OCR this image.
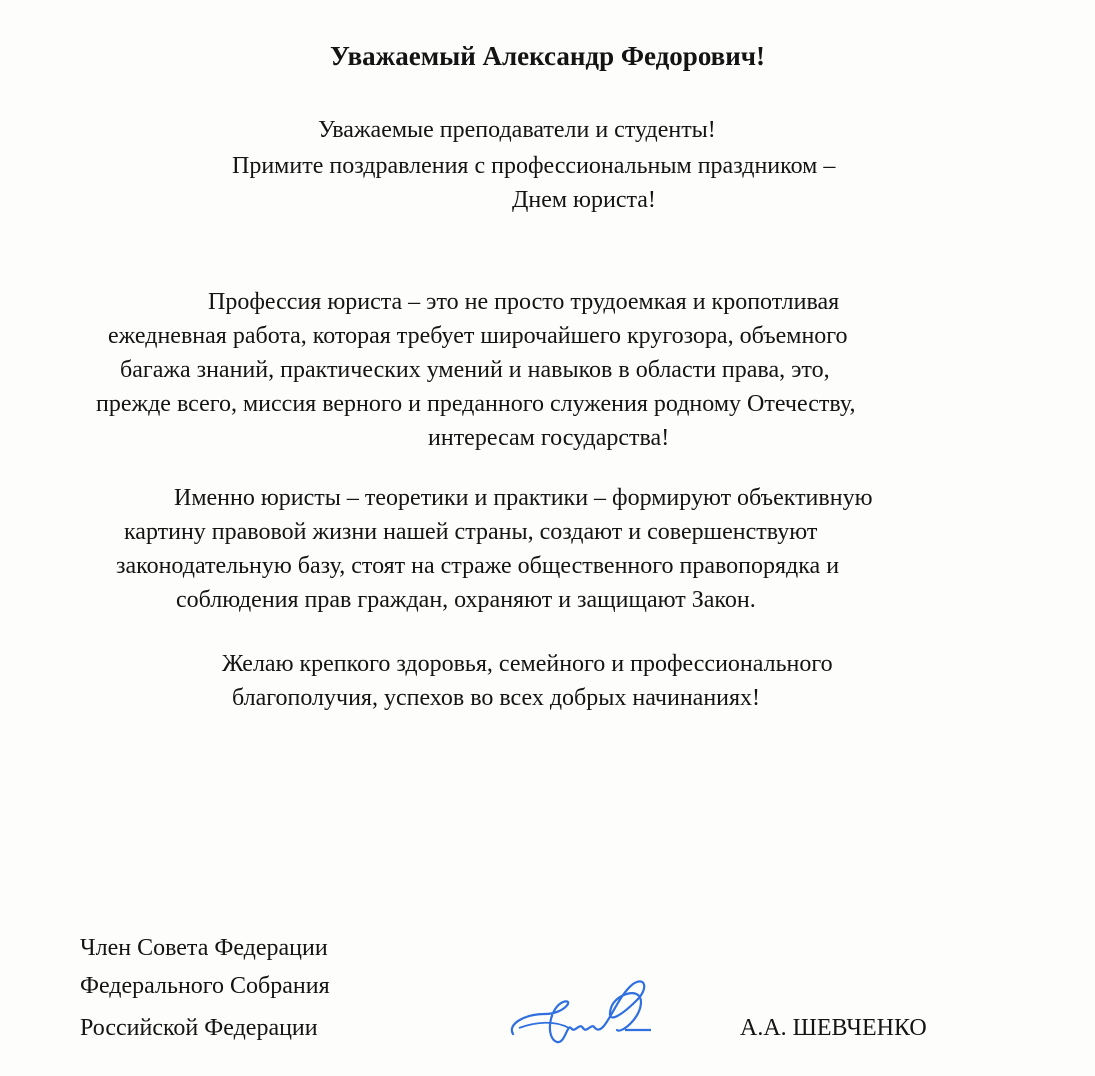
Уважаемый Александр Федорович!
Уважаемые преподаватели и студенты!
Примите поздравления с профессиональным праздником –
Днем юриста!
Профессия юриста – это не просто трудоемкая и кропотливая
ежедневная работа, которая требует широчайшего кругозора, объемного
багажа знаний, практических умений и навыков в области права, это,
прежде всего, миссия верного и преданного служения родному Отечеству,
интересам государства!
Именно юристы – теоретики и практики – формируют объективную
картину правовой жизни нашей страны, создают и совершенствуют
законодательную базу, стоят на страже общественного правопорядка и
соблюдения прав граждан, охраняют и защищают Закон.
Желаю крепкого здоровья, семейного и профессионального
благополучия, успехов во всех добрых начинаниях!
Член Совета Федерации
Федерального Собрания
Российской Федерации	А.А. ШЕВЧЕНКО
